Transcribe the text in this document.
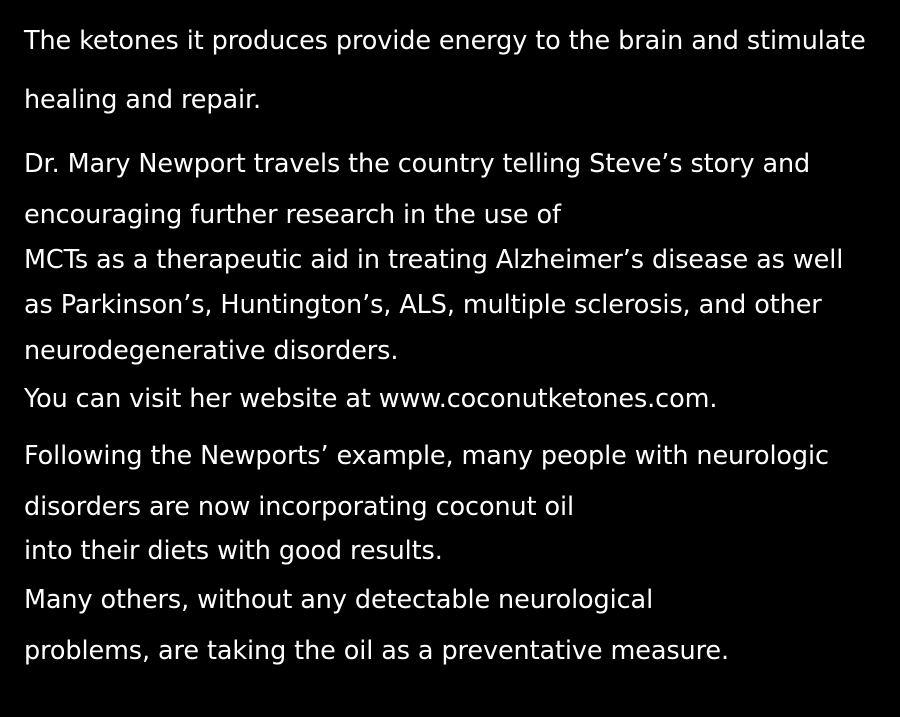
The ketones it produces provide energy to the brain and stimulate healing and repair.

Dr. Mary Newport travels the country telling Steve’s story and encouraging further research in the use of

MCTs as a therapeutic aid in treating Alzheimer’s disease as well as Parkinson’s, Huntington’s, ALS, multiple sclerosis, and other neurodegenerative disorders.

You can visit her website at www.coconutketones.com.

Following the Newports’ example, many people with neurologic disorders are now incorporating coconut oil

into their diets with good results.

Many others, without any detectable neurological

problems, are taking the oil as a preventative measure.
